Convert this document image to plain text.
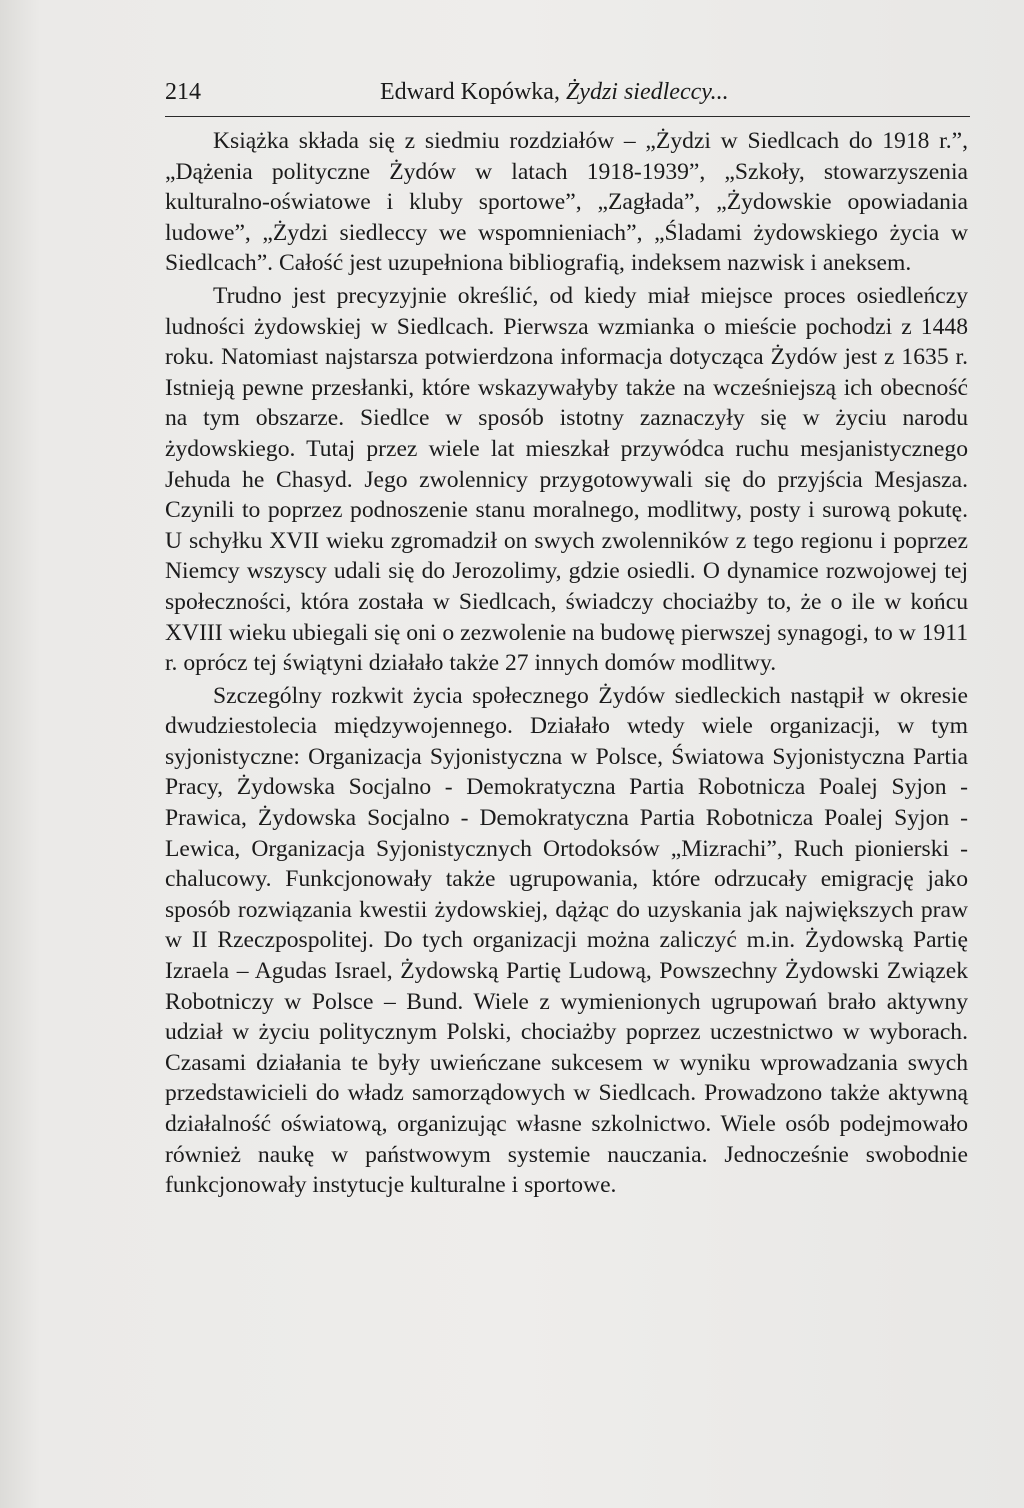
214	Edward Kopówka, Żydzi siedleccy...

Książka składa się z siedmiu rozdziałów – „Żydzi w Siedlcach do 1918 r.”, „Dążenia polityczne Żydów w latach 1918-1939”, „Szkoły, stowarzyszenia kulturalno-oświatowe i kluby sportowe”, „Zagłada”, „Żydowskie opowiadania ludowe”, „Żydzi siedleccy we wspomnieniach”, „Śladami żydowskiego życia w Siedlcach”. Całość jest uzupełniona bibliografią, indeksem nazwisk i aneksem.

Trudno jest precyzyjnie określić, od kiedy miał miejsce proces osiedleńczy ludności żydowskiej w Siedlcach. Pierwsza wzmianka o mieście pochodzi z 1448 roku. Natomiast najstarsza potwierdzona informacja dotycząca Żydów jest z 1635 r. Istnieją pewne przesłanki, które wskazywałyby także na wcześniejszą ich obecność na tym obszarze. Siedlce w sposób istotny zaznaczyły się w życiu narodu żydowskiego. Tutaj przez wiele lat mieszkał przywódca ruchu mesjanistycznego Jehuda he Chasyd. Jego zwolennicy przygotowywali się do przyjścia Mesjasza. Czynili to poprzez podnoszenie stanu moralnego, modlitwy, posty i surową pokutę. U schyłku XVII wieku zgromadził on swych zwolenników z tego regionu i poprzez Niemcy wszyscy udali się do Jerozolimy, gdzie osiedli. O dynamice rozwojowej tej społeczności, która została w Siedlcach, świadczy chociażby to, że o ile w końcu XVIII wieku ubiegali się oni o zezwolenie na budowę pierwszej synagogi, to w 1911 r. oprócz tej świątyni działało także 27 innych domów modlitwy.

Szczególny rozkwit życia społecznego Żydów siedleckich nastąpił w okresie dwudziestolecia międzywojennego. Działało wtedy wiele organizacji, w tym syjonistyczne: Organizacja Syjonistyczna w Polsce, Światowa Syjonistyczna Partia Pracy, Żydowska Socjalno - Demokratyczna Partia Robotnicza Poalej Syjon - Prawica, Żydowska Socjalno - Demokratyczna Partia Robotnicza Poalej Syjon - Lewica, Organizacja Syjonistycznych Ortodoksów „Mizrachi”, Ruch pionierski - chalucowy. Funkcjonowały także ugrupowania, które odrzucały emigrację jako sposób rozwiązania kwestii żydowskiej, dążąc do uzyskania jak największych praw w II Rzeczpospolitej. Do tych organizacji można zaliczyć m.in. Żydowską Partię Izraela – Agudas Israel, Żydowską Partię Ludową, Powszechny Żydowski Związek Robotniczy w Polsce – Bund. Wiele z wymienionych ugrupowań brało aktywny udział w życiu politycznym Polski, chociażby poprzez uczestnictwo w wyborach. Czasami działania te były uwieńczane sukcesem w wyniku wprowadzania swych przedstawicieli do władz samorządowych w Siedlcach. Prowadzono także aktywną działalność oświatową, organizując własne szkolnictwo. Wiele osób podejmowało również naukę w państwowym systemie nauczania. Jednocześnie swobodnie funkcjonowały instytucje kulturalne i sportowe.
